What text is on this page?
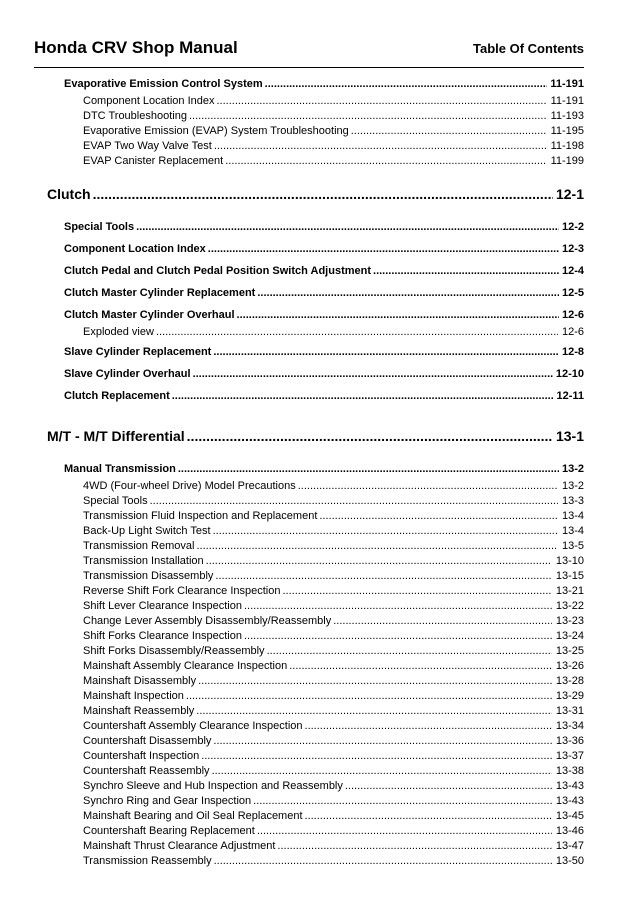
Honda CRV Shop Manual	Table Of Contents
Evaporative Emission Control System .....	11-191
Component Location Index .....	11-191
DTC Troubleshooting .....	11-193
Evaporative Emission (EVAP) System Troubleshooting .....	11-195
EVAP Two Way Valve Test .....	11-198
EVAP Canister Replacement .....	11-199
Clutch .....	12-1
Special Tools .....	12-2
Component Location Index .....	12-3
Clutch Pedal and Clutch Pedal Position Switch Adjustment .....	12-4
Clutch Master Cylinder Replacement .....	12-5
Clutch Master Cylinder Overhaul .....	12-6
Exploded view .....	12-6
Slave Cylinder Replacement .....	12-8
Slave Cylinder Overhaul .....	12-10
Clutch Replacement .....	12-11
M/T - M/T Differential .....	13-1
Manual Transmission .....	13-2
4WD (Four-wheel Drive) Model Precautions .....	13-2
Special Tools .....	13-3
Transmission Fluid Inspection and Replacement .....	13-4
Back-Up Light Switch Test .....	13-4
Transmission Removal .....	13-5
Transmission Installation .....	13-10
Transmission Disassembly .....	13-15
Reverse Shift Fork Clearance Inspection .....	13-21
Shift Lever Clearance Inspection .....	13-22
Change Lever Assembly Disassembly/Reassembly .....	13-23
Shift Forks Clearance Inspection .....	13-24
Shift Forks Disassembly/Reassembly .....	13-25
Mainshaft Assembly Clearance Inspection .....	13-26
Mainshaft Disassembly .....	13-28
Mainshaft Inspection .....	13-29
Mainshaft Reassembly .....	13-31
Countershaft Assembly Clearance Inspection .....	13-34
Countershaft Disassembly .....	13-36
Countershaft Inspection .....	13-37
Countershaft Reassembly .....	13-38
Synchro Sleeve and Hub Inspection and Reassembly .....	13-43
Synchro Ring and Gear Inspection .....	13-43
Mainshaft Bearing and Oil Seal Replacement .....	13-45
Countershaft Bearing Replacement .....	13-46
Mainshaft Thrust Clearance Adjustment .....	13-47
Transmission Reassembly .....	13-50
